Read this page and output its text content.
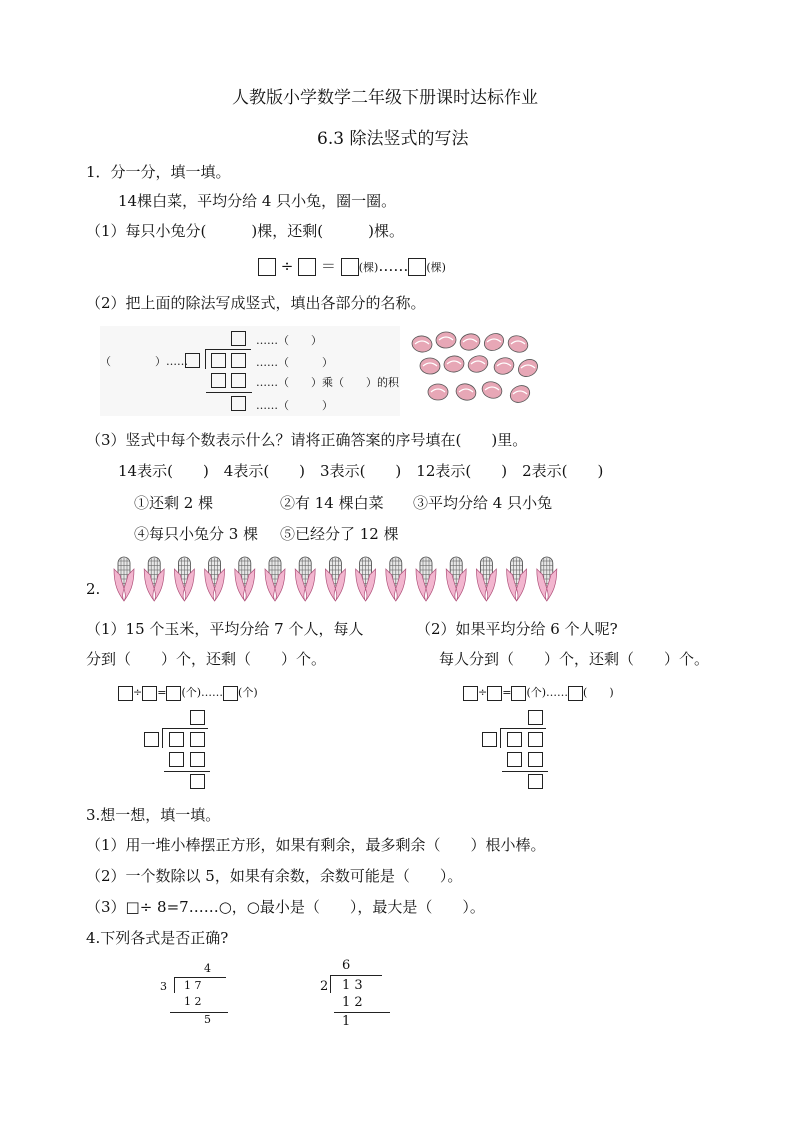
人教版小学数学二年级下册课时达标作业
6.3 除法竖式的写法
1．分一分，填一填。
14棵白菜，平均分给 4 只小兔，圈一圈。
（1）每只小兔分(　　　)棵，还剩(　　　)棵。
÷ ＝ (棵)…… (棵)
（2）把上面的除法写成竖式，填出各部分的名称。
（　　　　）……
……（　　）
……（　　　）
……（　　）乘（　　）的积
……（　　　）
（3）竖式中每个数表示什么？请将正确答案的序号填在(　　)里。
14表示(　　)　4表示(　　)　3表示(　　)　12表示(　　)　2表示(　　)
①还剩 2 棵	②有 14 棵白菜 ③平均分给 4 只小兔
④每只小兔分 3 棵 ⑤已经分了 12 棵
2.
（1）15 个玉米，平均分给 7 个人，每人
分到（　　）个，还剩（　　）个。
（2）如果平均分给 6 个人呢?
每人分到（　　）个，还剩（　　）个。
÷ = (个)…… (个)	÷ = (个)…… (　　)
3.想一想，填一填。
（1）用一堆小棒摆正方形，如果有剩余，最多剩余（　　）根小棒。
（2）一个数除以 5，如果有余数，余数可能是（　　）。
（3）□÷ 8=7……○，○最小是（　　），最大是（　　）。
4.下列各式是否正确?
4
3 1 7
1 2
5
6
2 1 3
1 2
1
